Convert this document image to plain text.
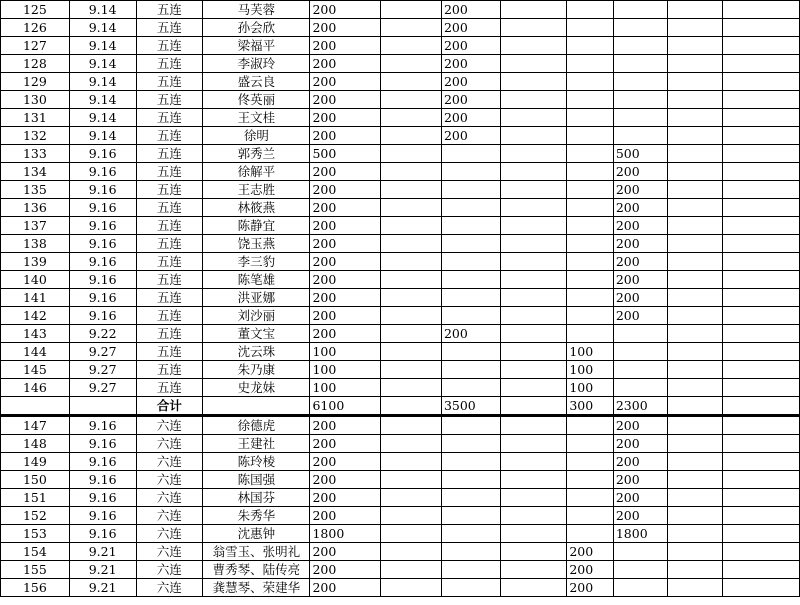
125	9.14	五连	马芙蓉	200		200					
126	9.14	五连	孙会欣	200		200					
127	9.14	五连	梁福平	200		200					
128	9.14	五连	李淑玲	200		200					
129	9.14	五连	盛云良	200		200					
130	9.14	五连	佟英丽	200		200					
131	9.14	五连	王文桂	200		200					
132	9.14	五连	徐明	200		200					
133	9.16	五连	郭秀兰	500					500		
134	9.16	五连	徐解平	200					200		
135	9.16	五连	王志胜	200					200		
136	9.16	五连	林筱燕	200					200		
137	9.16	五连	陈静宜	200					200		
138	9.16	五连	饶玉燕	200					200		
139	9.16	五连	李三豹	200					200		
140	9.16	五连	陈笔雄	200					200		
141	9.16	五连	洪亚娜	200					200		
142	9.16	五连	刘沙丽	200					200		
143	9.22	五连	董文宝	200		200					
144	9.27	五连	沈云珠	100				100			
145	9.27	五连	朱乃康	100				100			
146	9.27	五连	史龙妹	100				100			
		合计		6100		3500		300	2300		
147	9.16	六连	徐德虎	200					200		
148	9.16	六连	王建社	200					200		
149	9.16	六连	陈玲棱	200					200		
150	9.16	六连	陈国强	200					200		
151	9.16	六连	林国芬	200					200		
152	9.16	六连	朱秀华	200					200		
153	9.16	六连	沈惠钟	1800					1800		
154	9.21	六连	翁雪玉、张明礼	200				200			
155	9.21	六连	曹秀琴、陆传亮	200				200			
156	9.21	六连	龚慧琴、荣建华	200				200			
